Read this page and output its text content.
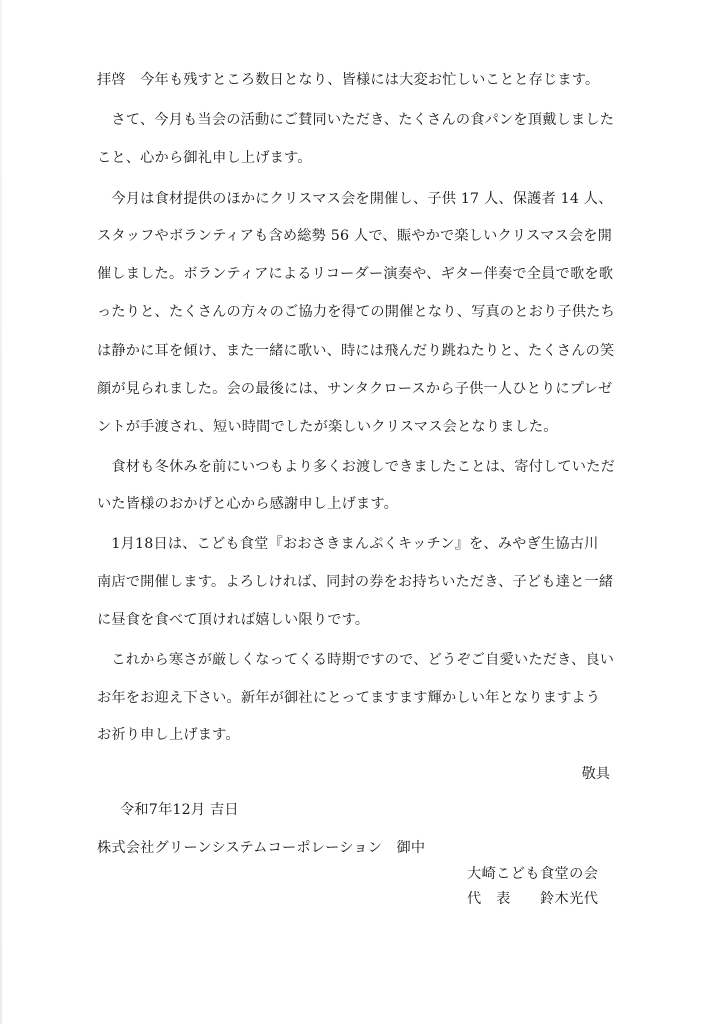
拝啓　今年も残すところ数日となり、皆様には大変お忙しいことと存じます。
　さて、今月も当会の活動にご賛同いただき、たくさんの食パンを頂戴しました
こと、心から御礼申し上げます。
　今月は食材提供のほかにクリスマス会を開催し、子供 17 人、保護者 14 人、
スタッフやボランティアも含め総勢 56 人で、賑やかで楽しいクリスマス会を開
催しました。ボランティアによるリコーダー演奏や、ギター伴奏で全員で歌を歌
ったりと、たくさんの方々のご協力を得ての開催となり、写真のとおり子供たち
は静かに耳を傾け、また一緒に歌い、時には飛んだり跳ねたりと、たくさんの笑
顔が見られました。会の最後には、サンタクロースから子供一人ひとりにプレゼ
ントが手渡され、短い時間でしたが楽しいクリスマス会となりました。
　食材も冬休みを前にいつもより多くお渡しできましたことは、寄付していただ
いた皆様のおかげと心から感謝申し上げます。
　1月18日は、こども食堂『おおさきまんぷくキッチン』を、みやぎ生協古川
南店で開催します。よろしければ、同封の券をお持ちいただき、子ども達と一緒
に昼食を食べて頂ければ嬉しい限りです。
　これから寒さが厳しくなってくる時期ですので、どうぞご自愛いただき、良い
お年をお迎え下さい。新年が御社にとってますます輝かしい年となりますよう
お祈り申し上げます。
敬具
令和7年12月 吉日
株式会社グリーンシステムコーポレーション　御中
大崎こども食堂の会
代　表　　鈴木光代
